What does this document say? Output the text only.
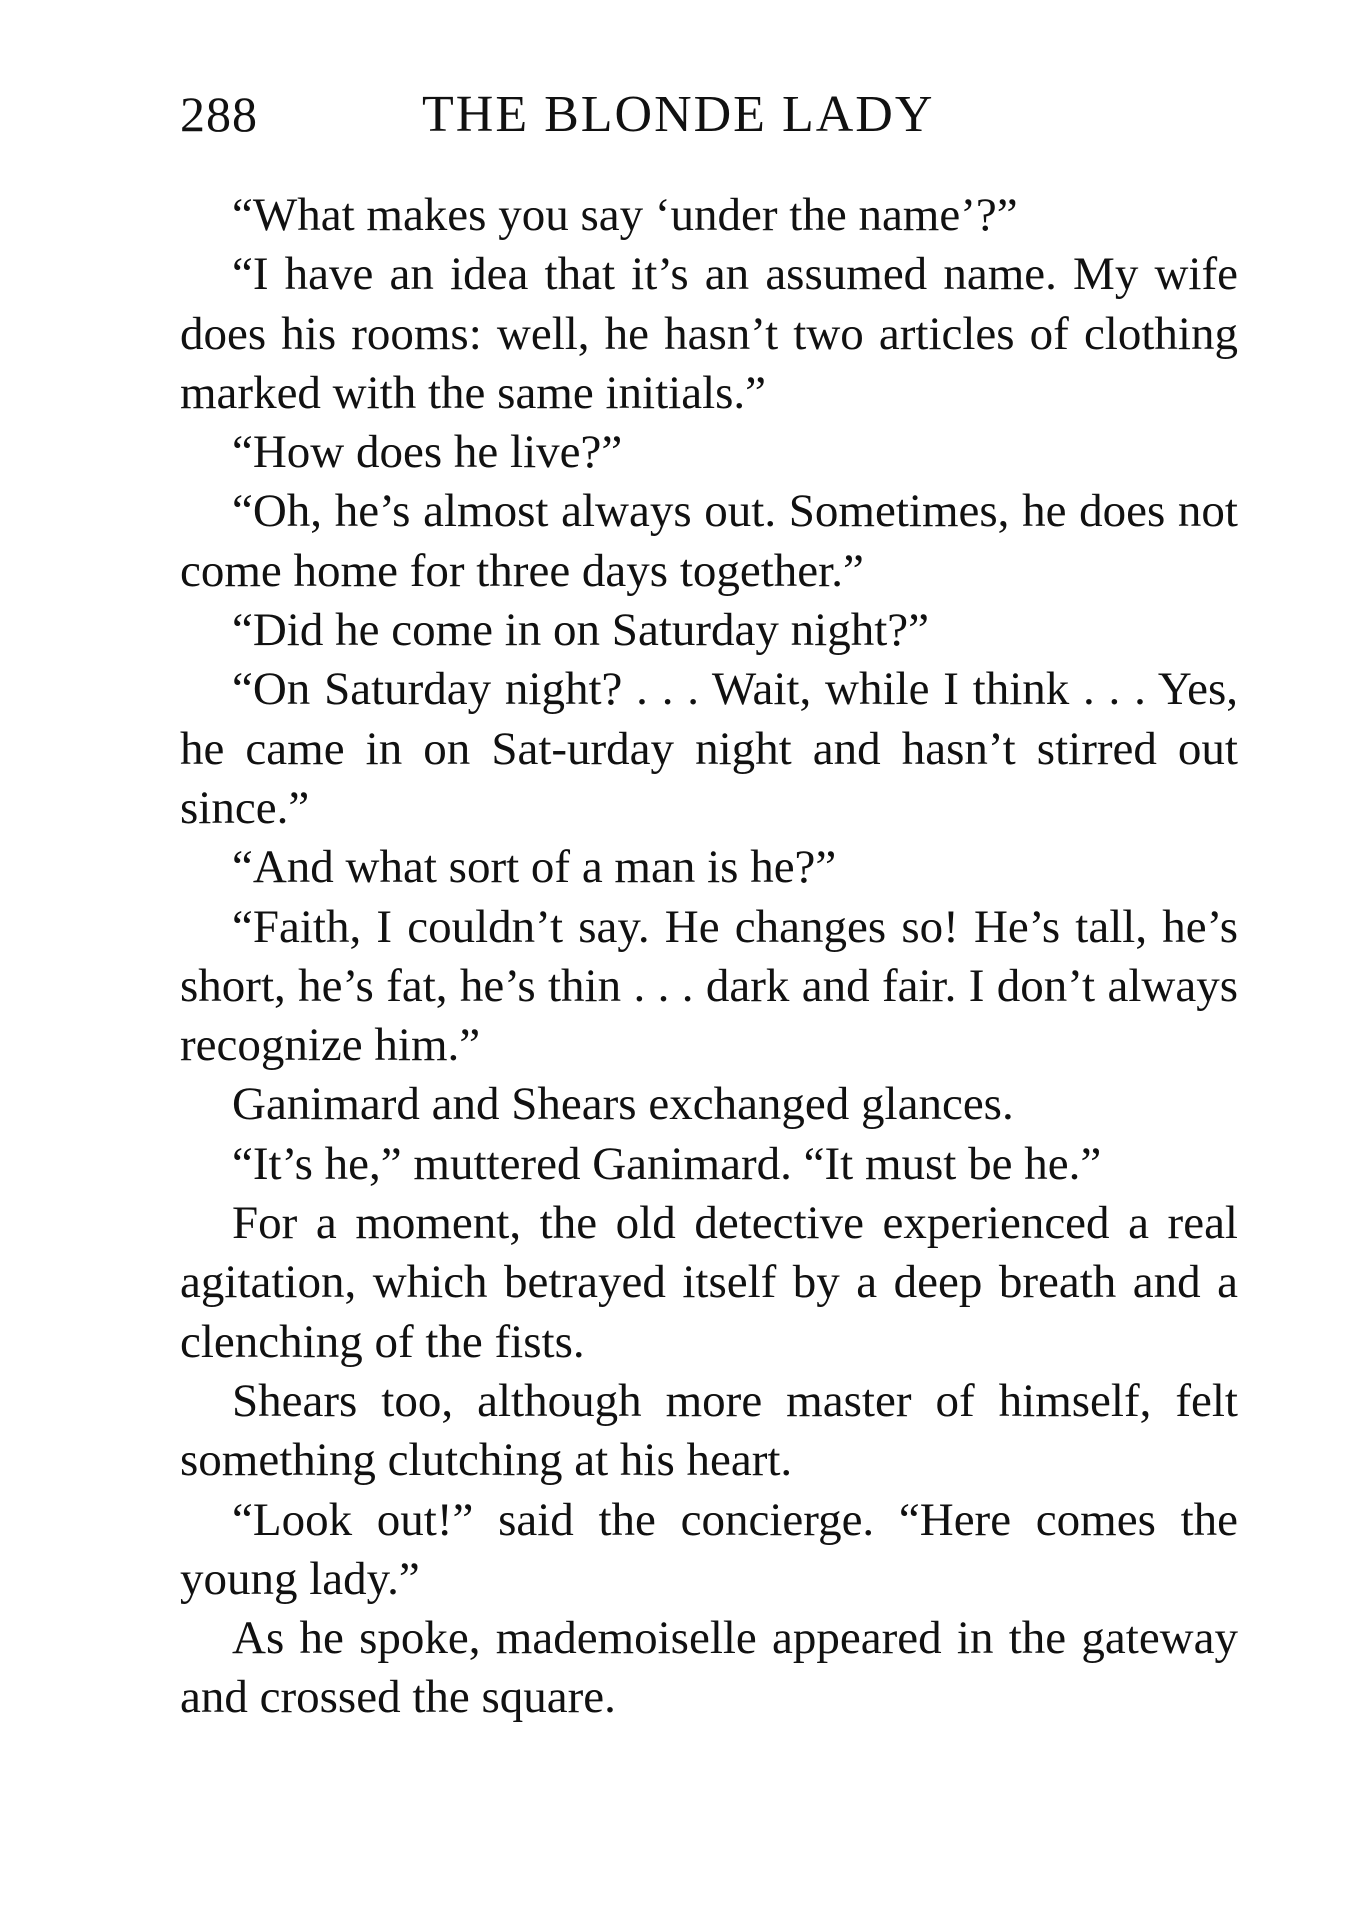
288	THE BLONDE LADY

“What makes you say ‘under the name’?”

“I have an idea that it’s an assumed name. My wife does his rooms: well, he hasn’t two articles of clothing marked with the same initials.”

“How does he live?”

“Oh, he’s almost always out. Sometimes, he does not come home for three days together.”

“Did he come in on Saturday night?”

“On Saturday night? . . . Wait, while I think . . . Yes, he came in on Sat-urday night and hasn’t stirred out since.”

“And what sort of a man is he?”

“Faith, I couldn’t say. He changes so! He’s tall, he’s short, he’s fat, he’s thin . . . dark and fair. I don’t always recognize him.”

Ganimard and Shears exchanged glances.

“It’s he,” muttered Ganimard. “It must be he.”

For a moment, the old detective experienced a real agitation, which betrayed itself by a deep breath and a clenching of the fists.

Shears too, although more master of himself, felt something clutching at his heart.

“Look out!” said the concierge. “Here comes the young lady.”

As he spoke, mademoiselle appeared in the gateway and crossed the square.
